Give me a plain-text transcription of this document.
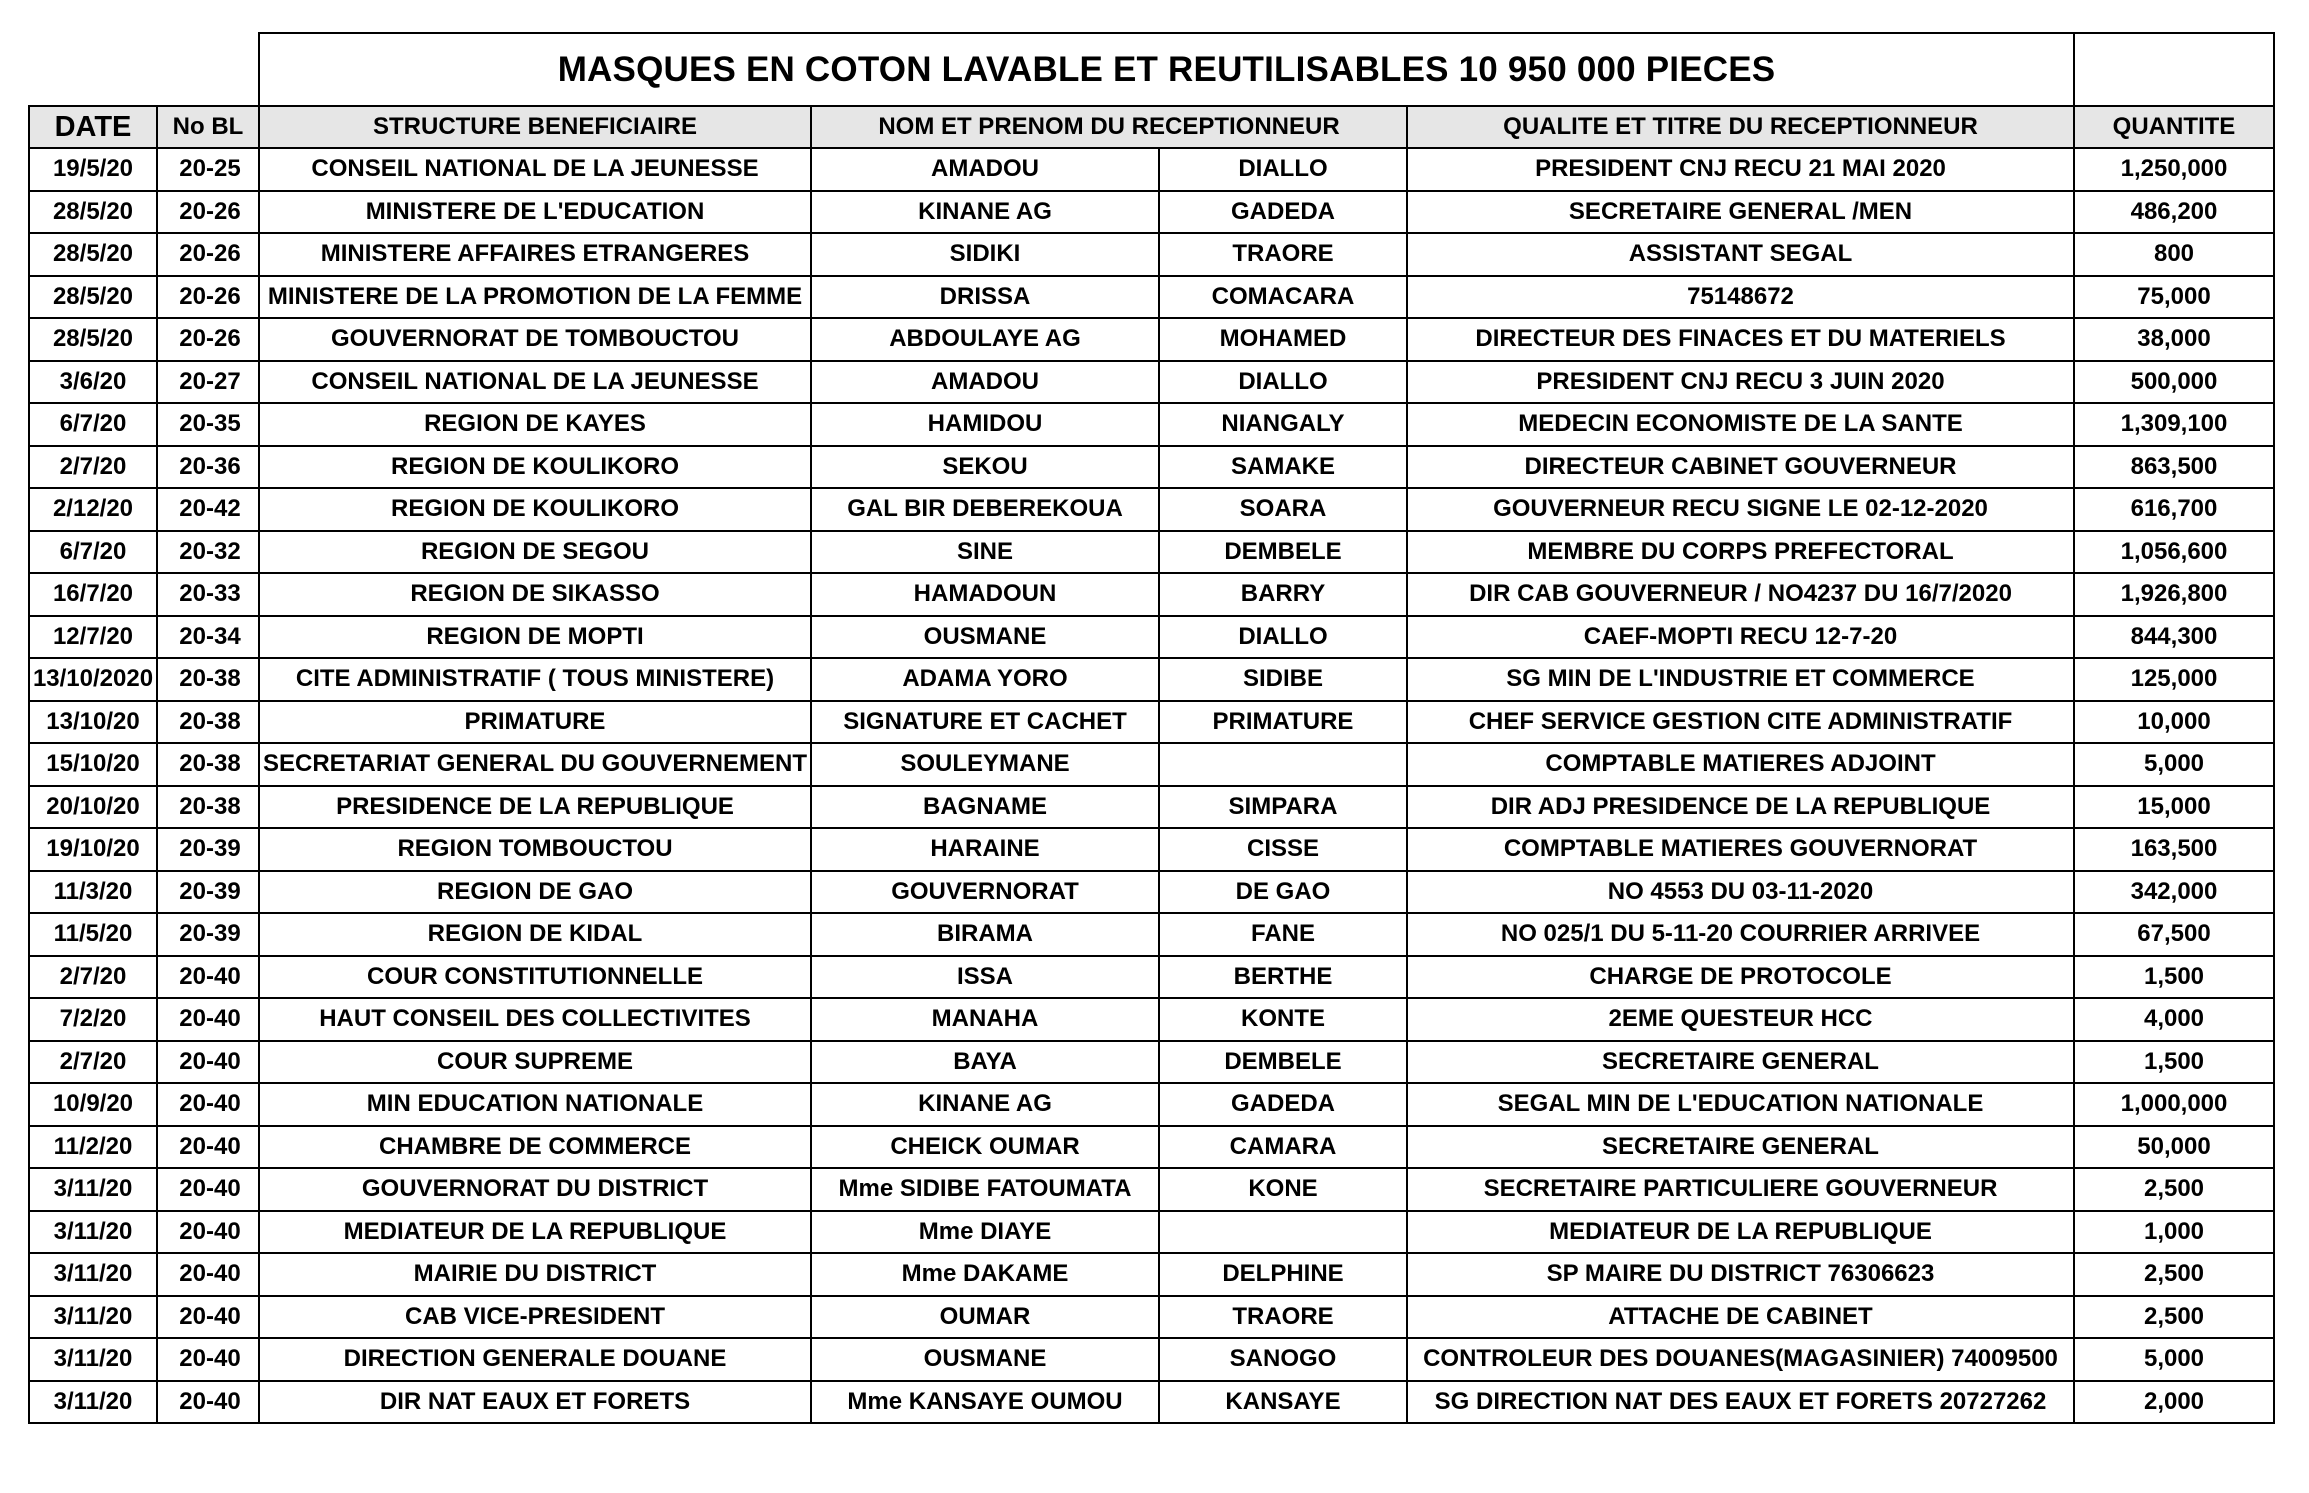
		MASQUES EN COTON LAVABLE ET REUTILISABLES 10 950 000 PIECES				
DATE	No BL	STRUCTURE BENEFICIAIRE	NOM ET PRENOM DU RECEPTIONNEUR		QUALITE ET TITRE DU RECEPTIONNEUR	QUANTITE
19/5/20	20-25	CONSEIL NATIONAL DE LA JEUNESSE	AMADOU	DIALLO	PRESIDENT CNJ RECU 21 MAI 2020	1,250,000
28/5/20	20-26	MINISTERE DE L'EDUCATION	KINANE AG	GADEDA	SECRETAIRE GENERAL /MEN	486,200
28/5/20	20-26	MINISTERE AFFAIRES ETRANGERES	SIDIKI	TRAORE	ASSISTANT SEGAL	800
28/5/20	20-26	MINISTERE DE LA PROMOTION DE LA FEMME	DRISSA	COMACARA	75148672	75,000
28/5/20	20-26	GOUVERNORAT DE TOMBOUCTOU	ABDOULAYE AG	MOHAMED	DIRECTEUR DES FINACES ET DU MATERIELS	38,000
3/6/20	20-27	CONSEIL NATIONAL DE LA JEUNESSE	AMADOU	DIALLO	PRESIDENT CNJ RECU 3 JUIN 2020	500,000
6/7/20	20-35	REGION DE KAYES	HAMIDOU	NIANGALY	MEDECIN ECONOMISTE DE LA SANTE	1,309,100
2/7/20	20-36	REGION DE KOULIKORO	SEKOU	SAMAKE	DIRECTEUR CABINET GOUVERNEUR	863,500
2/12/20	20-42	REGION DE KOULIKORO	GAL BIR DEBEREKOUA	SOARA	GOUVERNEUR RECU SIGNE LE 02-12-2020	616,700
6/7/20	20-32	REGION DE SEGOU	SINE	DEMBELE	MEMBRE DU CORPS PREFECTORAL	1,056,600
16/7/20	20-33	REGION DE SIKASSO	HAMADOUN	BARRY	DIR CAB GOUVERNEUR / NO4237 DU 16/7/2020	1,926,800
12/7/20	20-34	REGION DE MOPTI	OUSMANE	DIALLO	CAEF-MOPTI RECU 12-7-20	844,300
13/10/2020	20-38	CITE ADMINISTRATIF ( TOUS MINISTERE)	ADAMA YORO	SIDIBE	SG MIN DE L'INDUSTRIE ET COMMERCE	125,000
13/10/20	20-38	PRIMATURE	SIGNATURE ET CACHET	PRIMATURE	CHEF SERVICE GESTION CITE ADMINISTRATIF	10,000
15/10/20	20-38	SECRETARIAT GENERAL DU GOUVERNEMENT	SOULEYMANE		COMPTABLE MATIERES ADJOINT	5,000
20/10/20	20-38	PRESIDENCE DE LA REPUBLIQUE	BAGNAME	SIMPARA	DIR ADJ PRESIDENCE DE LA REPUBLIQUE	15,000
19/10/20	20-39	REGION TOMBOUCTOU	HARAINE	CISSE	COMPTABLE MATIERES GOUVERNORAT	163,500
11/3/20	20-39	REGION DE GAO	GOUVERNORAT	DE GAO	NO 4553 DU 03-11-2020	342,000
11/5/20	20-39	REGION DE KIDAL	BIRAMA	FANE	NO 025/1 DU 5-11-20 COURRIER ARRIVEE	67,500
2/7/20	20-40	COUR CONSTITUTIONNELLE	ISSA	BERTHE	CHARGE DE PROTOCOLE	1,500
7/2/20	20-40	HAUT CONSEIL DES COLLECTIVITES	MANAHA	KONTE	2EME QUESTEUR HCC	4,000
2/7/20	20-40	COUR SUPREME	BAYA	DEMBELE	SECRETAIRE GENERAL	1,500
10/9/20	20-40	MIN EDUCATION NATIONALE	KINANE AG	GADEDA	SEGAL MIN DE L'EDUCATION NATIONALE	1,000,000
11/2/20	20-40	CHAMBRE DE COMMERCE	CHEICK OUMAR	CAMARA	SECRETAIRE GENERAL	50,000
3/11/20	20-40	GOUVERNORAT DU DISTRICT	Mme SIDIBE FATOUMATA	KONE	SECRETAIRE PARTICULIERE GOUVERNEUR	2,500
3/11/20	20-40	MEDIATEUR DE LA REPUBLIQUE	Mme DIAYE		MEDIATEUR DE LA REPUBLIQUE	1,000
3/11/20	20-40	MAIRIE DU DISTRICT	Mme DAKAME	DELPHINE	SP MAIRE DU DISTRICT 76306623	2,500
3/11/20	20-40	CAB VICE-PRESIDENT	OUMAR	TRAORE	ATTACHE DE CABINET	2,500
3/11/20	20-40	DIRECTION GENERALE DOUANE	OUSMANE	SANOGO	CONTROLEUR DES DOUANES(MAGASINIER) 74009500	5,000
3/11/20	20-40	DIR NAT EAUX ET FORETS	Mme KANSAYE OUMOU	KANSAYE	SG DIRECTION NAT DES EAUX ET FORETS 20727262	2,000
